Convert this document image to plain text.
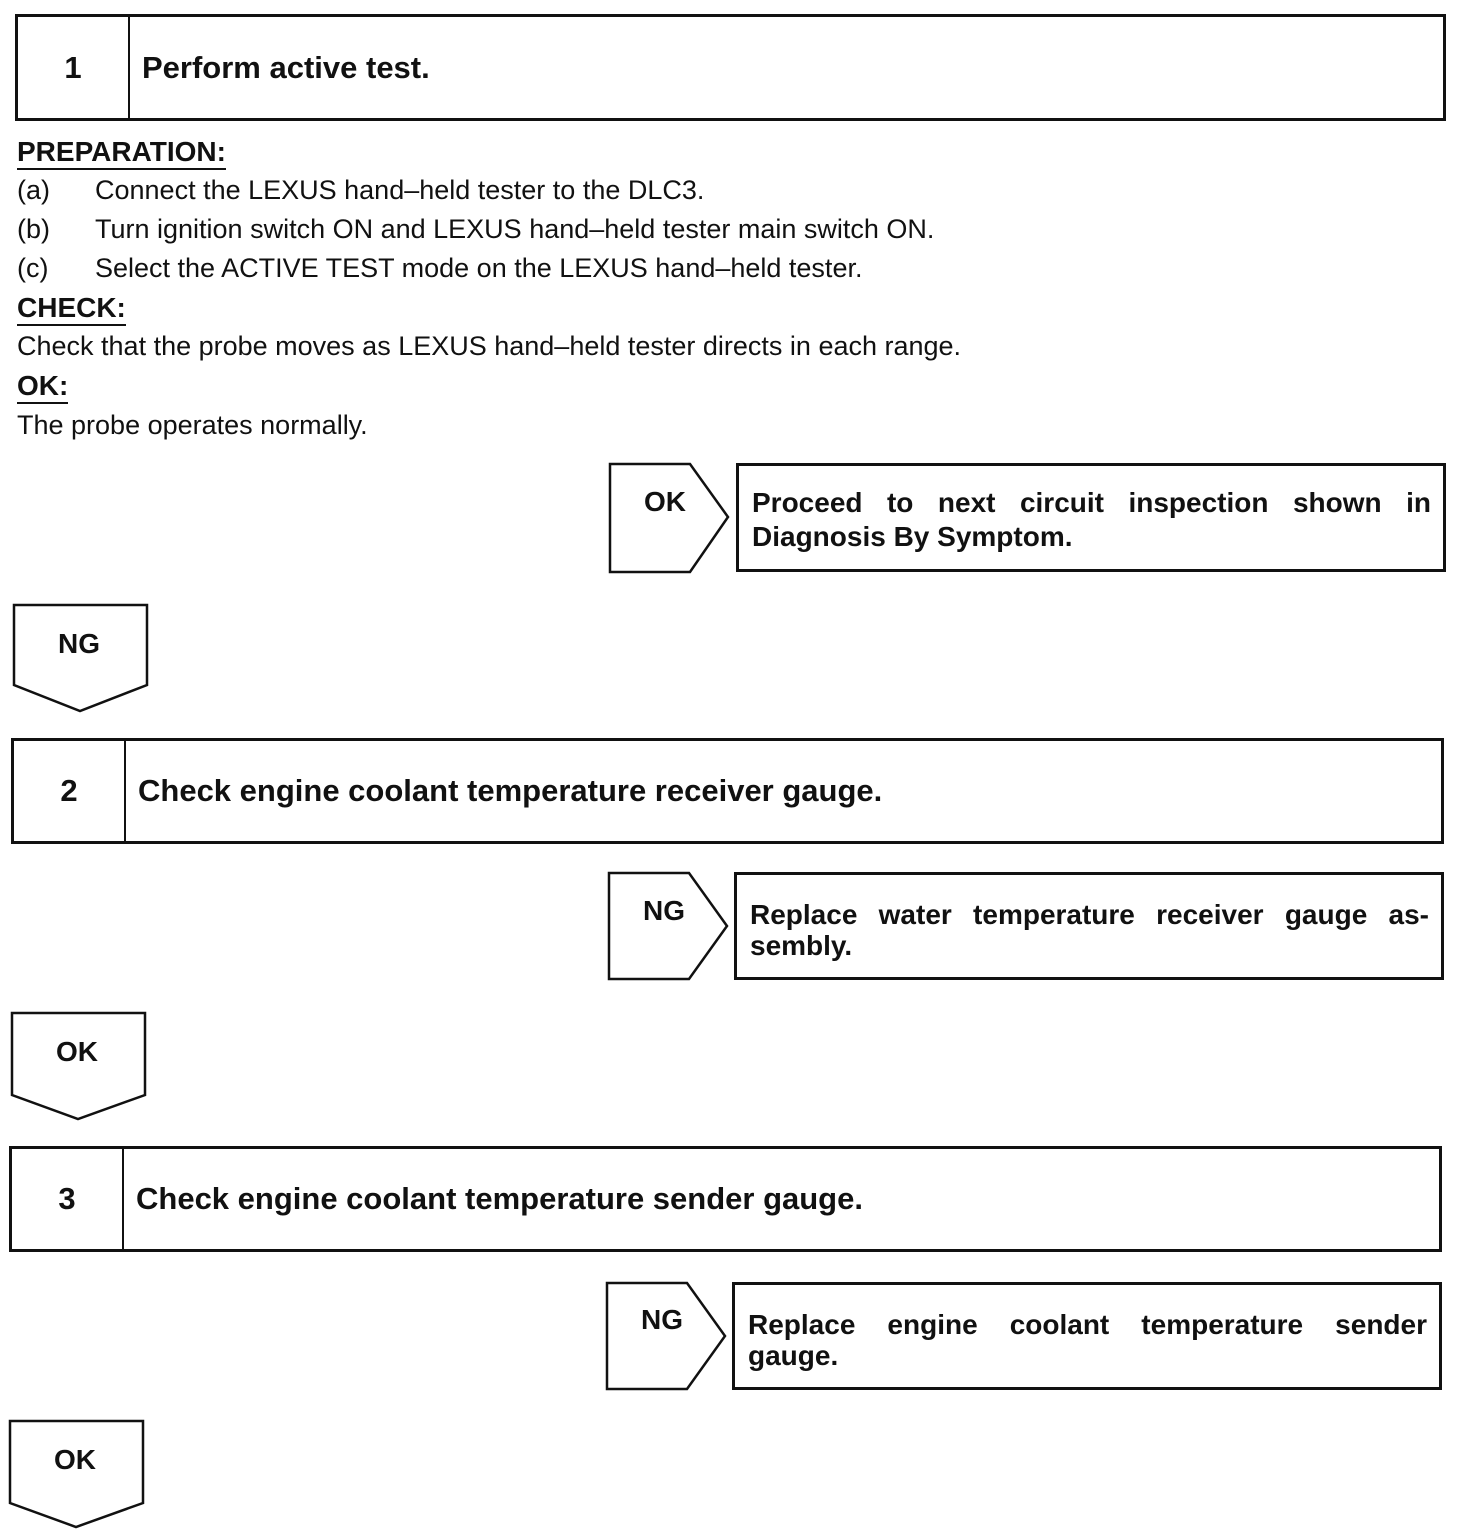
1	Perform active test.
PREPARATION:
(a) Connect the LEXUS hand–held tester to the DLC3.
(b) Turn ignition switch ON and LEXUS hand–held tester main switch ON.
(c) Select the ACTIVE TEST mode on the LEXUS hand–held tester.
CHECK:
Check that the probe moves as LEXUS hand–held tester directs in each range.
OK:
The probe operates normally.
OK	Proceed to next circuit inspection shown in Diagnosis By Symptom.
NG
2	Check engine coolant temperature receiver gauge.
NG	Replace water temperature receiver gauge as-sembly.
OK
3	Check engine coolant temperature sender gauge.
NG	Replace engine coolant temperature sender gauge.
OK
